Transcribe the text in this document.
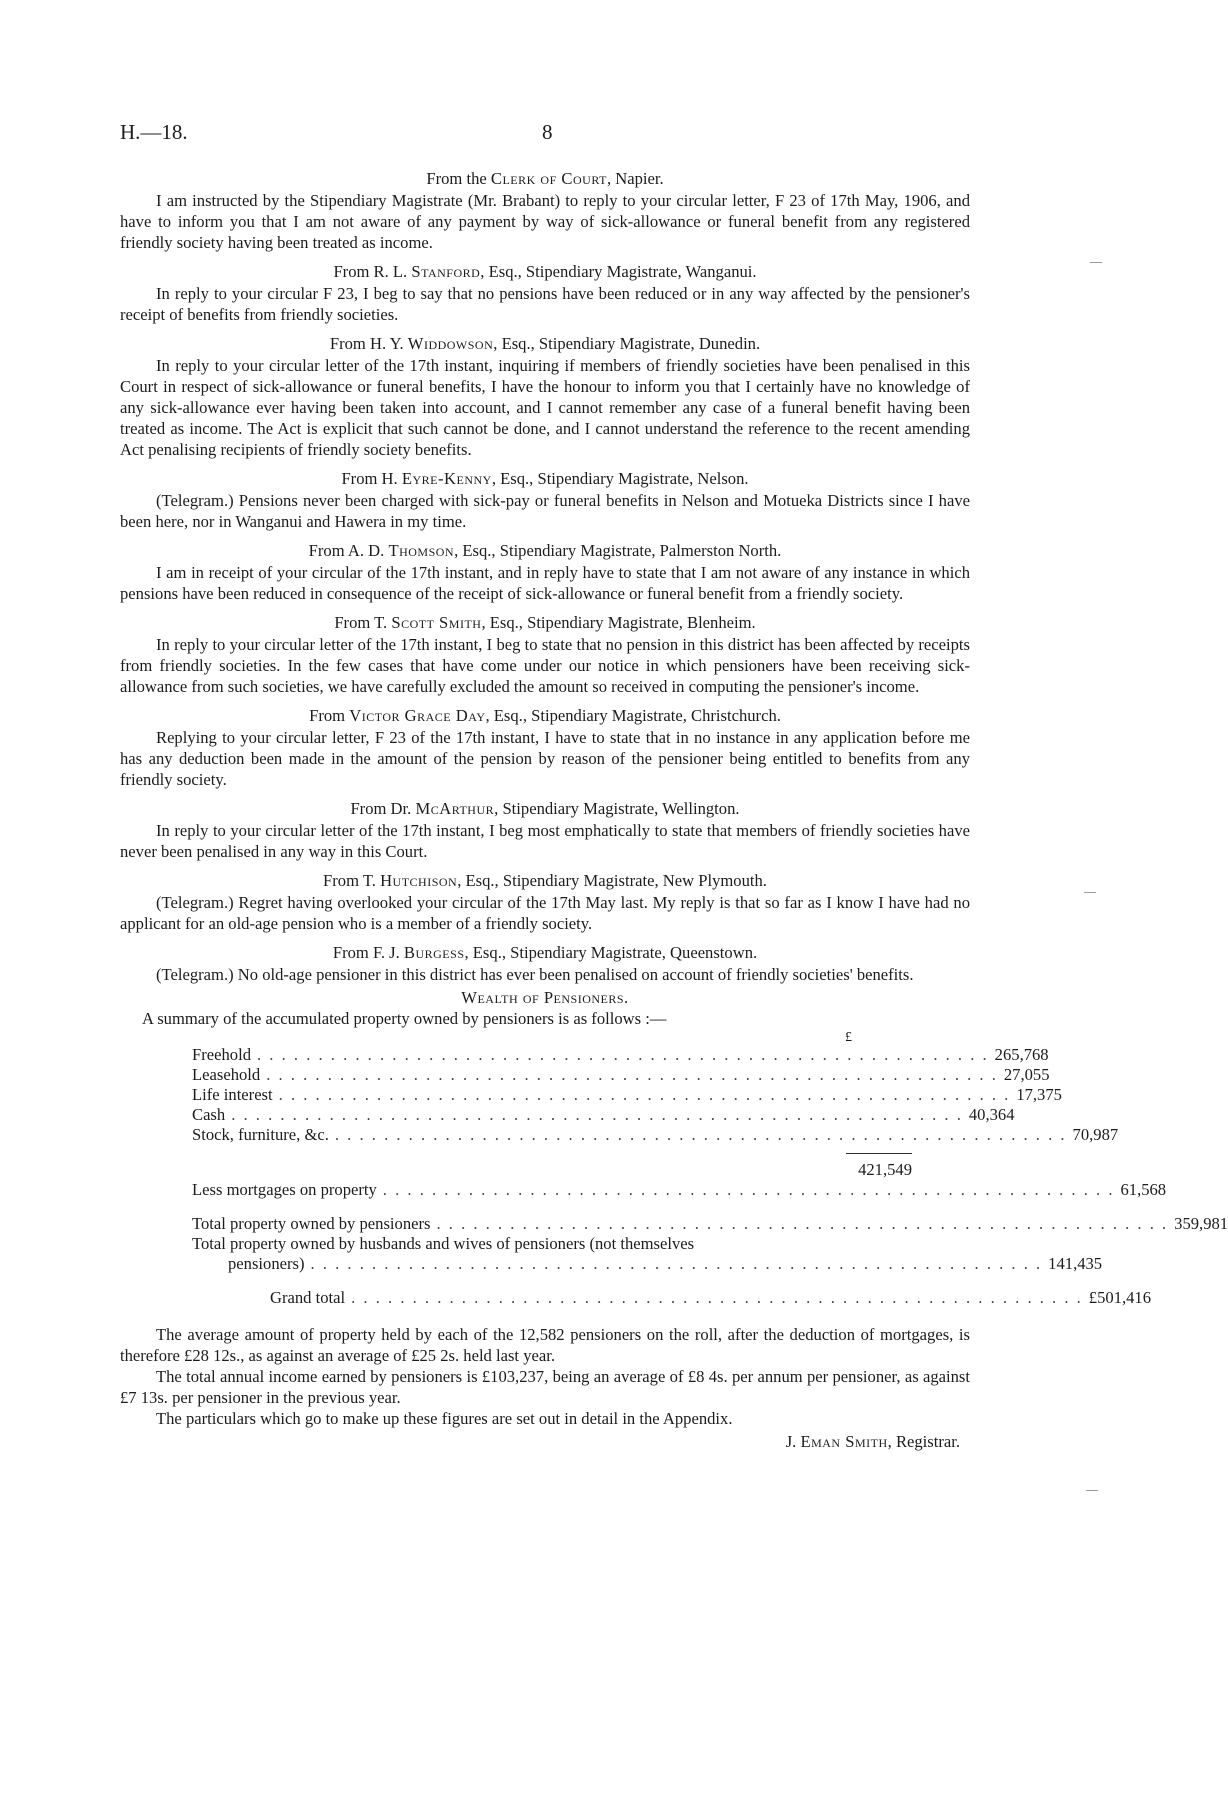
H.—18.	8

From the Clerk of Court, Napier.

I am instructed by the Stipendiary Magistrate (Mr. Brabant) to reply to your circular letter, F 23 of 17th May, 1906, and have to inform you that I am not aware of any payment by way of sick-allowance or funeral benefit from any registered friendly society having been treated as income.

From R. L. Stanford, Esq., Stipendiary Magistrate, Wanganui.

In reply to your circular F 23, I beg to say that no pensions have been reduced or in any way affected by the pensioner's receipt of benefits from friendly societies.

From H. Y. Widdowson, Esq., Stipendiary Magistrate, Dunedin.

In reply to your circular letter of the 17th instant, inquiring if members of friendly societies have been penalised in this Court in respect of sick-allowance or funeral benefits, I have the honour to inform you that I certainly have no knowledge of any sick-allowance ever having been taken into account, and I cannot remember any case of a funeral benefit having been treated as income. The Act is explicit that such cannot be done, and I cannot understand the reference to the recent amending Act penalising recipients of friendly society benefits.

From H. Eyre-Kenny, Esq., Stipendiary Magistrate, Nelson.

(Telegram.) Pensions never been charged with sick-pay or funeral benefits in Nelson and Motueka Districts since I have been here, nor in Wanganui and Hawera in my time.

From A. D. Thomson, Esq., Stipendiary Magistrate, Palmerston North.

I am in receipt of your circular of the 17th instant, and in reply have to state that I am not aware of any instance in which pensions have been reduced in consequence of the receipt of sick-allowance or funeral benefit from a friendly society.

From T. Scott Smith, Esq., Stipendiary Magistrate, Blenheim.

In reply to your circular letter of the 17th instant, I beg to state that no pension in this district has been affected by receipts from friendly societies. In the few cases that have come under our notice in which pensioners have been receiving sick-allowance from such societies, we have carefully excluded the amount so received in computing the pensioner's income.

From Victor Grace Day, Esq., Stipendiary Magistrate, Christchurch.

Replying to your circular letter, F 23 of the 17th instant, I have to state that in no instance in any application before me has any deduction been made in the amount of the pension by reason of the pensioner being entitled to benefits from any friendly society.

From Dr. McArthur, Stipendiary Magistrate, Wellington.

In reply to your circular letter of the 17th instant, I beg most emphatically to state that members of friendly societies have never been penalised in any way in this Court.

From T. Hutchison, Esq., Stipendiary Magistrate, New Plymouth.

(Telegram.) Regret having overlooked your circular of the 17th May last. My reply is that so far as I know I have had no applicant for an old-age pension who is a member of a friendly society.

From F. J. Burgess, Esq., Stipendiary Magistrate, Queenstown.

(Telegram.) No old-age pensioner in this district has ever been penalised on account of friendly societies' benefits.

Wealth of Pensioners.

A summary of the accumulated property owned by pensioners is as follows :—

£
Freehold . . . . . . . . . . . . . . . . . . . . . . . . . . . . . . . . . . . . . . . . . . . . . . . . . . . . . . . . . . . . 265,768
Leasehold . . . . . . . . . . . . . . . . . . . . . . . . . . . . . . . . . . . . . . . . . . . . . . . . . . . . . . . . . . . . 27,055
Life interest . . . . . . . . . . . . . . . . . . . . . . . . . . . . . . . . . . . . . . . . . . . . . . . . . . . . . . . . . . . . 17,375
Cash . . . . . . . . . . . . . . . . . . . . . . . . . . . . . . . . . . . . . . . . . . . . . . . . . . . . . . . . . . . . 40,364
Stock, furniture, &c. . . . . . . . . . . . . . . . . . . . . . . . . . . . . . . . . . . . . . . . . . . . . . . . . . . . . . . . . . . . . 70,987
421,549
Less mortgages on property . . . . . . . . . . . . . . . . . . . . . . . . . . . . . . . . . . . . . . . . . . . . . . . . . . . . . . . . . . . . 61,568
Total property owned by pensioners . . . . . . . . . . . . . . . . . . . . . . . . . . . . . . . . . . . . . . . . . . . . . . . . . . . . . . . . . . . . 359,981
Total property owned by husbands and wives of pensioners (not themselves
pensioners) . . . . . . . . . . . . . . . . . . . . . . . . . . . . . . . . . . . . . . . . . . . . . . . . . . . . . . . . . . . . 141,435
Grand total . . . . . . . . . . . . . . . . . . . . . . . . . . . . . . . . . . . . . . . . . . . . . . . . . . . . . . . . . . . . £501,416

The average amount of property held by each of the 12,582 pensioners on the roll, after the deduction of mortgages, is therefore £28 12s., as against an average of £25 2s. held last year.

The total annual income earned by pensioners is £103,237, being an average of £8 4s. per annum per pensioner, as against £7 13s. per pensioner in the previous year.

The particulars which go to make up these figures are set out in detail in the Appendix.

J. Eman Smith, Registrar.
—
—
—
